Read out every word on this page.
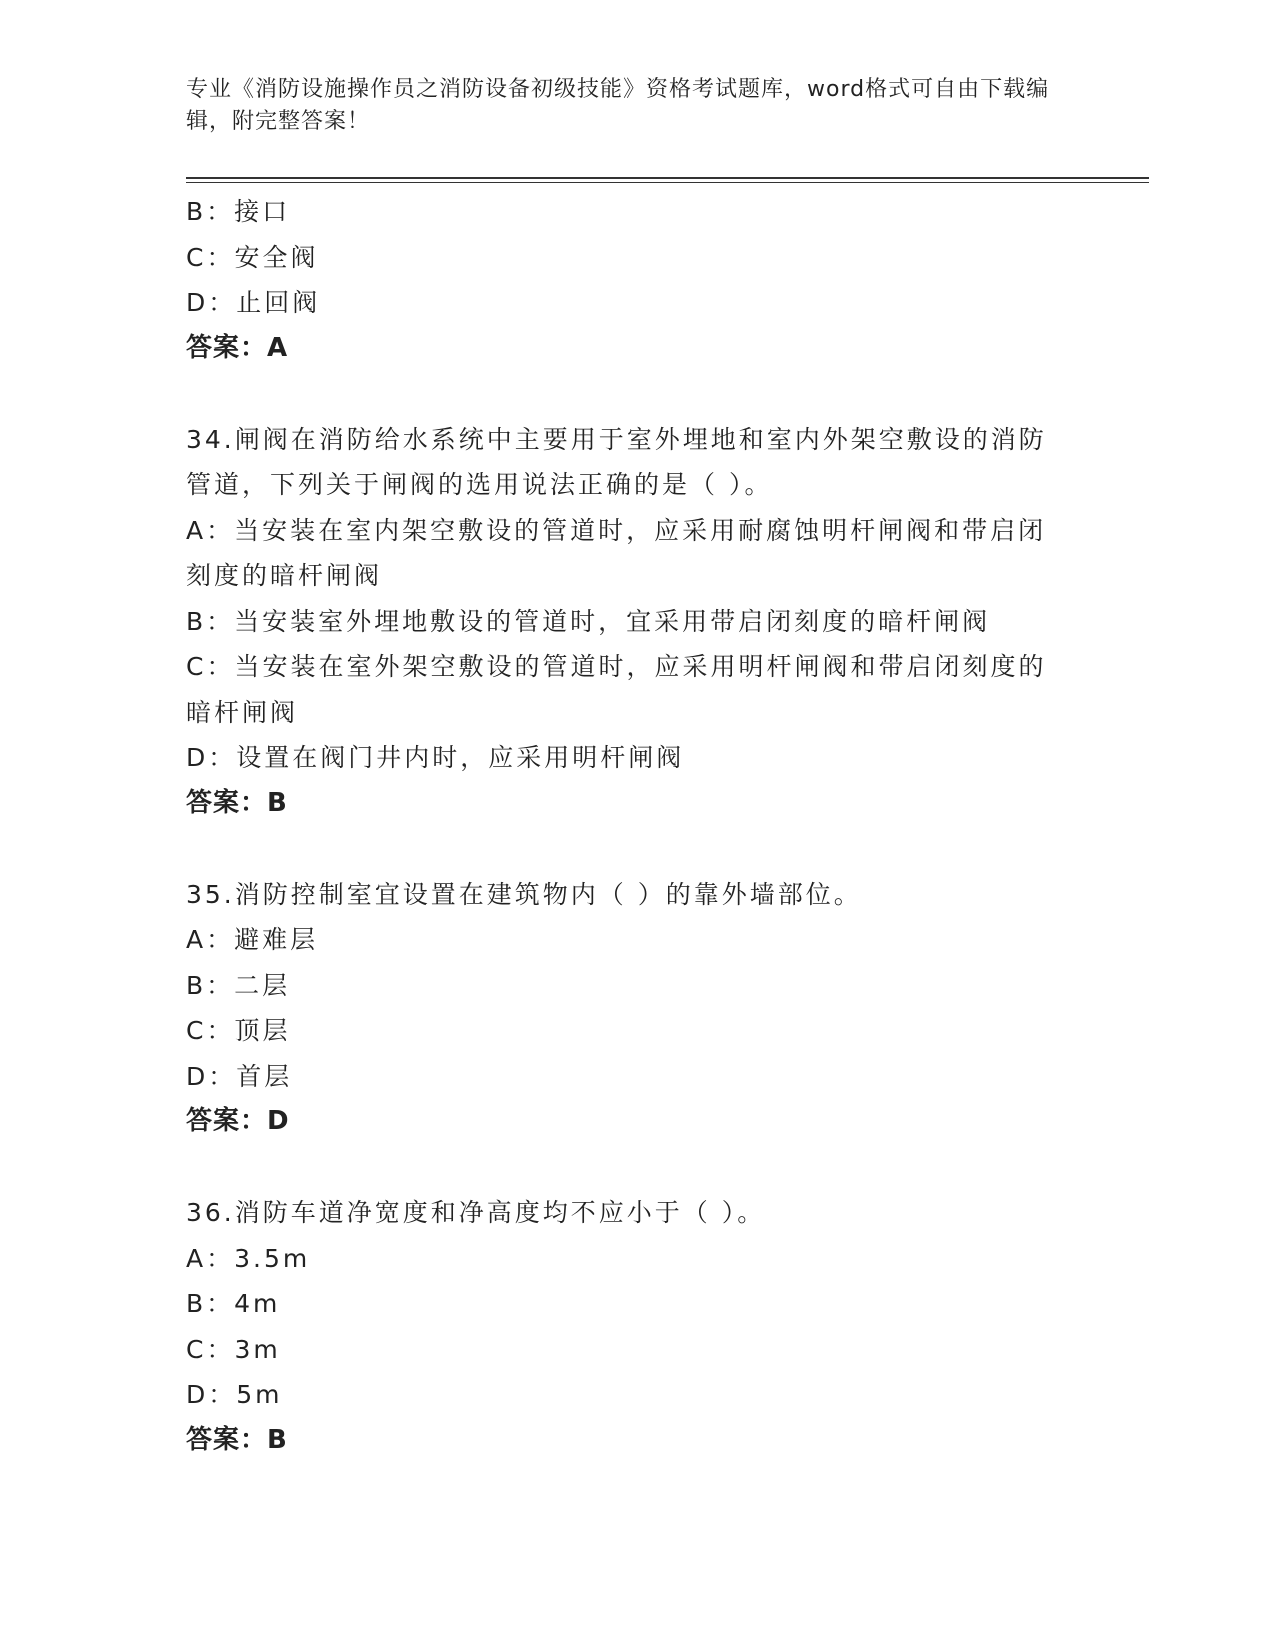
专业《消防设施操作员之消防设备初级技能》资格考试题库，word格式可自由下载编辑，附完整答案！
B：接口
C：安全阀
D：止回阀
答案：A
34.闸阀在消防给水系统中主要用于室外埋地和室内外架空敷设的消防
管道，下列关于闸阀的选用说法正确的是（ ）。
A：当安装在室内架空敷设的管道时，应采用耐腐蚀明杆闸阀和带启闭
刻度的暗杆闸阀
B：当安装室外埋地敷设的管道时，宜采用带启闭刻度的暗杆闸阀
C：当安装在室外架空敷设的管道时，应采用明杆闸阀和带启闭刻度的
暗杆闸阀
D：设置在阀门井内时，应采用明杆闸阀
答案：B
35.消防控制室宜设置在建筑物内（ ）的靠外墙部位。
A：避难层
B：二层
C：顶层
D：首层
答案：D
36.消防车道净宽度和净高度均不应小于（ ）。
A：3.5m
B：4m
C：3m
D：5m
答案：B
